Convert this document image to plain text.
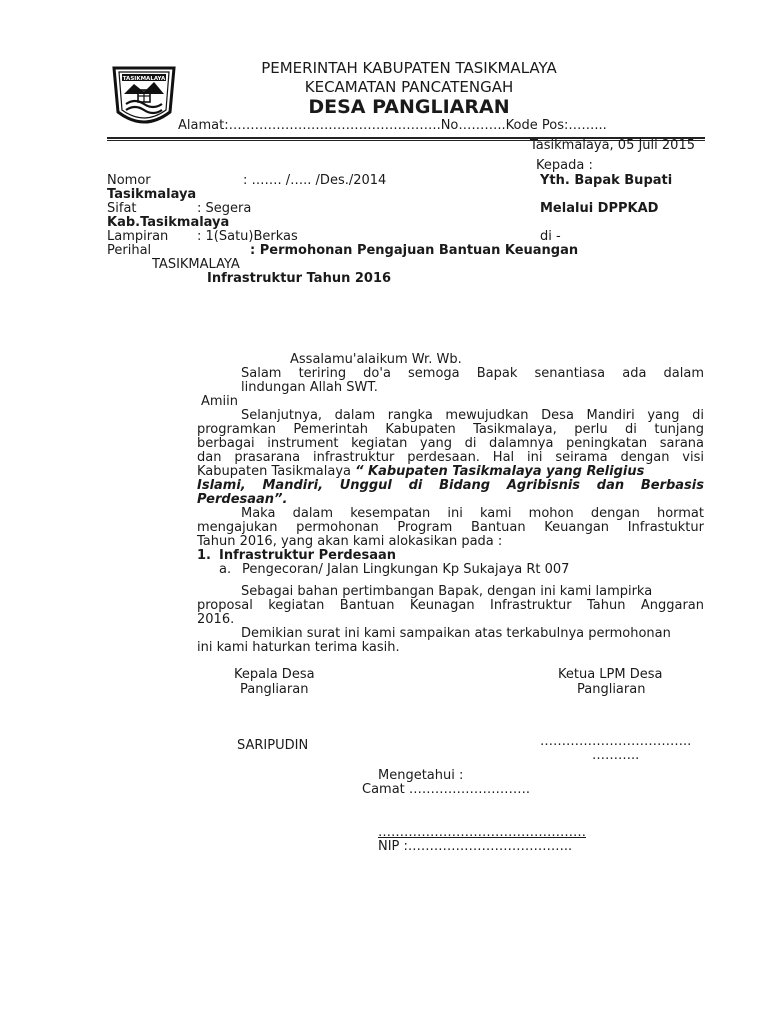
TASIKMALAYA
PEMERINTAH KABUPATEN TASIKMALAYA
KECAMATAN PANCATENGAH
DESA PANGLIARAN
Alamat:………………………………………….No………..Kode Pos:……...
Tasikmalaya, 05 Juli 2015
Kepada :
Yth. Bapak Bupati
Tasikmalaya
Melalui DPPKAD
Kab.Tasikmalaya
di -
TASIKMALAYA
Nomor	: ……. /….. /Des./2014
Sifat	: Segera
Lampiran : 1(Satu)Berkas
Perihal	: Permohonan Pengajuan Bantuan Keuangan
Infrastruktur Tahun 2016
Assalamu'alaikum Wr. Wb.
Salam teriring do'a semoga Bapak senantiasa ada dalam
lindungan Allah SWT.
Amiin
Selanjutnya, dalam rangka mewujudkan Desa Mandiri yang di
programkan Pemerintah Kabupaten Tasikmalaya, perlu di tunjang
berbagai instrument kegiatan yang di dalamnya peningkatan sarana
dan prasarana infrastruktur perdesaan. Hal ini seirama dengan visi
Kabupaten Tasikmalaya “ Kabupaten Tasikmalaya yang Religius
Islami, Mandiri, Unggul di Bidang Agribisnis dan Berbasis
Perdesaan”.
Maka dalam kesempatan ini kami mohon dengan hormat
mengajukan permohonan Program Bantuan Keuangan Infrastuktur
Tahun 2016, yang akan kami alokasikan pada :
1. Infrastruktur Perdesaan
a. Pengecoran/ Jalan Lingkungan Kp Sukajaya Rt 007
Sebagai bahan pertimbangan Bapak, dengan ini kami lampirka
proposal kegiatan Bantuan Keunagan Infrastruktur Tahun Anggaran
2016.
Demikian surat ini kami sampaikan atas terkabulnya permohonan
ini kami haturkan terima kasih.
Kepala Desa
Pangliaran
SARIPUDIN
Ketua LPM Desa
Pangliaran
……………………………..
………..
Mengetahui :
Camat ……………………….
…………………………………………
NIP :………………………………..
